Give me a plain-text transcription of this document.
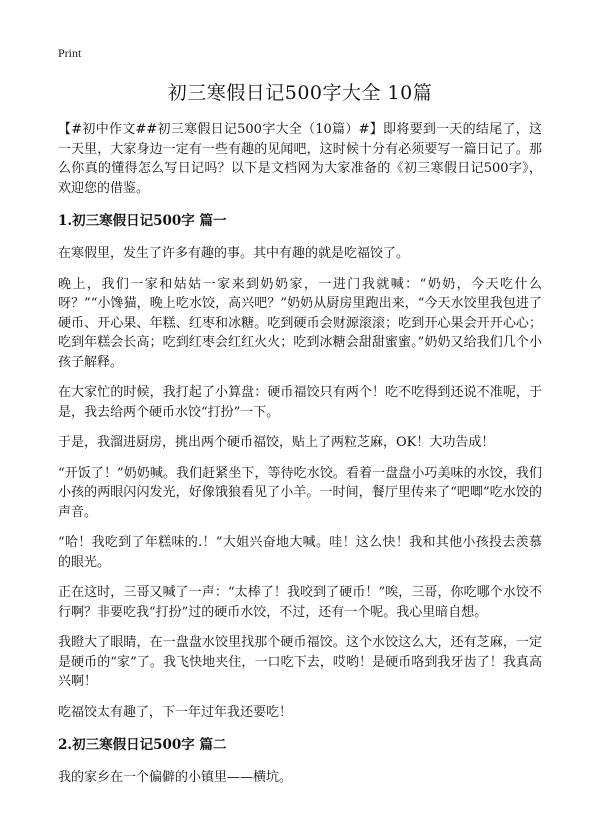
Print
初三寒假日记500字大全 10篇

【#初中作文##初三寒假日记500字大全（10篇）#】即将要到一天的结尾了，这一天里，大家身边一定有一些有趣的见闻吧，这时候十分有必须要写一篇日记了。那么你真的懂得怎么写日记吗？以下是文档网为大家准备的《初三寒假日记500字》，欢迎您的借鉴。

1.初三寒假日记500字 篇一

在寒假里，发生了许多有趣的事。其中有趣的就是吃福饺了。

晚上，我们一家和姑姑一家来到奶奶家，一进门我就喊：“奶奶，今天吃什么呀？”“小馋猫，晚上吃水饺，高兴吧？”奶奶从厨房里跑出来，“今天水饺里我包进了硬币、开心果、年糕、红枣和冰糖。吃到硬币会财源滚滚；吃到开心果会开开心心；吃到年糕会长高；吃到红枣会红红火火；吃到冰糖会甜甜蜜蜜。”奶奶又给我们几个小孩子解释。

在大家忙的时候，我打起了小算盘：硬币福饺只有两个！吃不吃得到还说不准呢，于是，我去给两个硬币水饺“打扮”一下。

于是，我溜进厨房，挑出两个硬币福饺，贴上了两粒芝麻，OK！大功告成！

“开饭了！”奶奶喊。我们赶紧坐下，等待吃水饺。看着一盘盘小巧美味的水饺，我们小孩的两眼闪闪发光，好像饿狼看见了小羊。一时间，餐厅里传来了“吧唧”吃水饺的声音。

“哈！我吃到了年糕味的.！”大姐兴奋地大喊。哇！这么快！我和其他小孩投去羡慕的眼光。

正在这时，三哥又喊了一声：“太棒了！我咬到了硬币！”唉，三哥，你吃哪个水饺不行啊？非要吃我“打扮”过的硬币水饺，不过，还有一个呢。我心里暗自想。

我瞪大了眼睛，在一盘盘水饺里找那个硬币福饺。这个水饺这么大，还有芝麻，一定是硬币的“家”了。我飞快地夹住，一口吃下去，哎哟！是硬币咯到我牙齿了！我真高兴啊！

吃福饺太有趣了，下一年过年我还要吃！

2.初三寒假日记500字 篇二

我的家乡在一个偏僻的小镇里——横坑。
